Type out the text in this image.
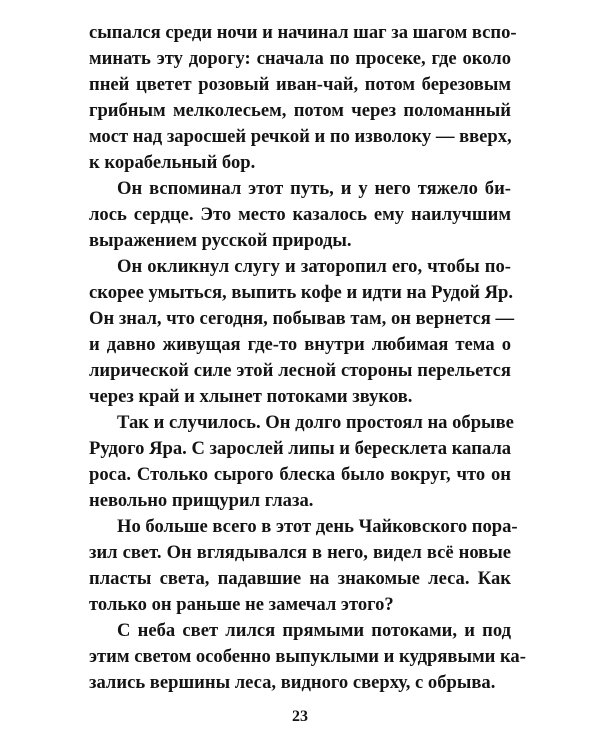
сыпался среди ночи и начинал шаг за шагом вспо-
минать эту дорогу: сначала по просеке, где около
пней цветет розовый иван-чай, потом березовым
грибным мелколесьем, потом через поломанный
мост над заросшей речкой и по изволоку — вверх,
к корабельный бор.
Он вспоминал этот путь, и у него тяжело би-
лось сердце. Это место казалось ему наилучшим
выражением русской природы.
Он окликнул слугу и заторопил его, чтобы по-
скорее умыться, выпить кофе и идти на Рудой Яр.
Он знал, что сегодня, побывав там, он вернется —
и давно живущая где-то внутри любимая тема о
лирической силе этой лесной стороны перельется
через край и хлынет потоками звуков.
Так и случилось. Он долго простоял на обрыве
Рудого Яра. С зарослей липы и бересклета капала
роса. Столько сырого блеска было вокруг, что он
невольно прищурил глаза.
Но больше всего в этот день Чайковского пора-
зил свет. Он вглядывался в него, видел всё новые
пласты света, падавшие на знакомые леса. Как
только он раньше не замечал этого?
С неба свет лился прямыми потоками, и под
этим светом особенно выпуклыми и кудрявыми ка-
зались вершины леса, видного сверху, с обрыва.
23
